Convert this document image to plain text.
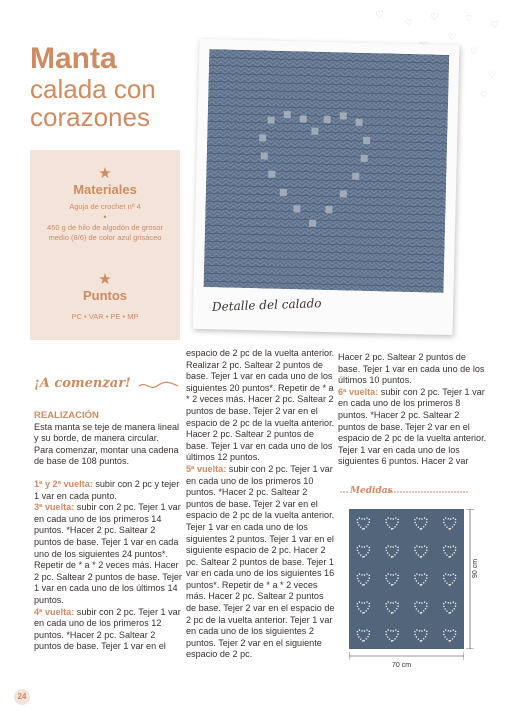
♡
♡ ♡	♡
♡
♡
♡
♡
♡
Manta
calada con
corazones
★
Materiales
Aguja de crochet nº 4
•
450 g de hilo de algodón de grosor medio (8/6) de color azul grisáceo
★
Puntos
PC • VAR • PE • MP
Detalle del calado
¡A comenzar!

REALIZACIÓN

Esta manta se teje de manera lineal y su borde, de manera circular.

Para comenzar, montar una cadena de base de 108 puntos.

1ª y 2ª vuelta: subir con 2 pc y tejer 1 var en cada punto.

3ª vuelta: subir con 2 pc. Tejer 1 var en cada uno de los primeros 14 puntos. *Hacer 2 pc. Saltear 2 puntos de base. Tejer 1 var en cada uno de los siguientes 24 puntos*. Repetir de * a * 2 veces más. Hacer 2 pc. Saltear 2 puntos de base. Tejer 1 var en cada uno de los últimos 14 puntos.

4ª vuelta: subir con 2 pc. Tejer 1 var en cada uno de los primeros 12 puntos. *Hacer 2 pc. Saltear 2 puntos de base. Tejer 1 var en el

espacio de 2 pc de la vuelta anterior. Realizar 2 pc. Saltear 2 puntos de base. Tejer 1 var en cada uno de los siguientes 20 puntos*. Repetir de * a * 2 veces más. Hacer 2 pc. Saltear 2 puntos de base. Tejer 2 var en el espacio de 2 pc de la vuelta anterior. Hacer 2 pc. Saltear 2 puntos de base. Tejer 1 var en cada uno de los últimos 12 puntos.

5ª vuelta: subir con 2 pc. Tejer 1 var en cada uno de los primeros 10 puntos. *Hacer 2 pc. Saltear 2 puntos de base. Tejer 2 var en el espacio de 2 pc de la vuelta anterior. Tejer 1 var en cada uno de los siguientes 2 puntos. Tejer 1 var en el siguiente espacio de 2 pc. Hacer 2 pc. Saltear 2 puntos de base. Tejer 1 var en cada uno de los siguientes 16 puntos*. Repetir de * a * 2 veces más. Hacer 2 pc. Saltear 2 puntos de base. Tejer 2 var en el espacio de 2 pc de la vuelta anterior. Tejer 1 var en cada uno de los siguientes 2 puntos. Tejer 2 var en el siguiente espacio de 2 pc.

Hacer 2 pc. Saltear 2 puntos de base. Tejer 1 var en cada uno de los últimos 10 puntos.

6ª vuelta: subir con 2 pc. Tejer 1 var en cada uno de los primeros 8 puntos. *Hacer 2 pc. Saltear 2 puntos de base. Tejer 2 var en el espacio de 2 pc de la vuelta anterior. Tejer 1 var en cada uno de los siguientes 6 puntos. Hacer 2 var

Medidas
70 cm
90 cm
24
